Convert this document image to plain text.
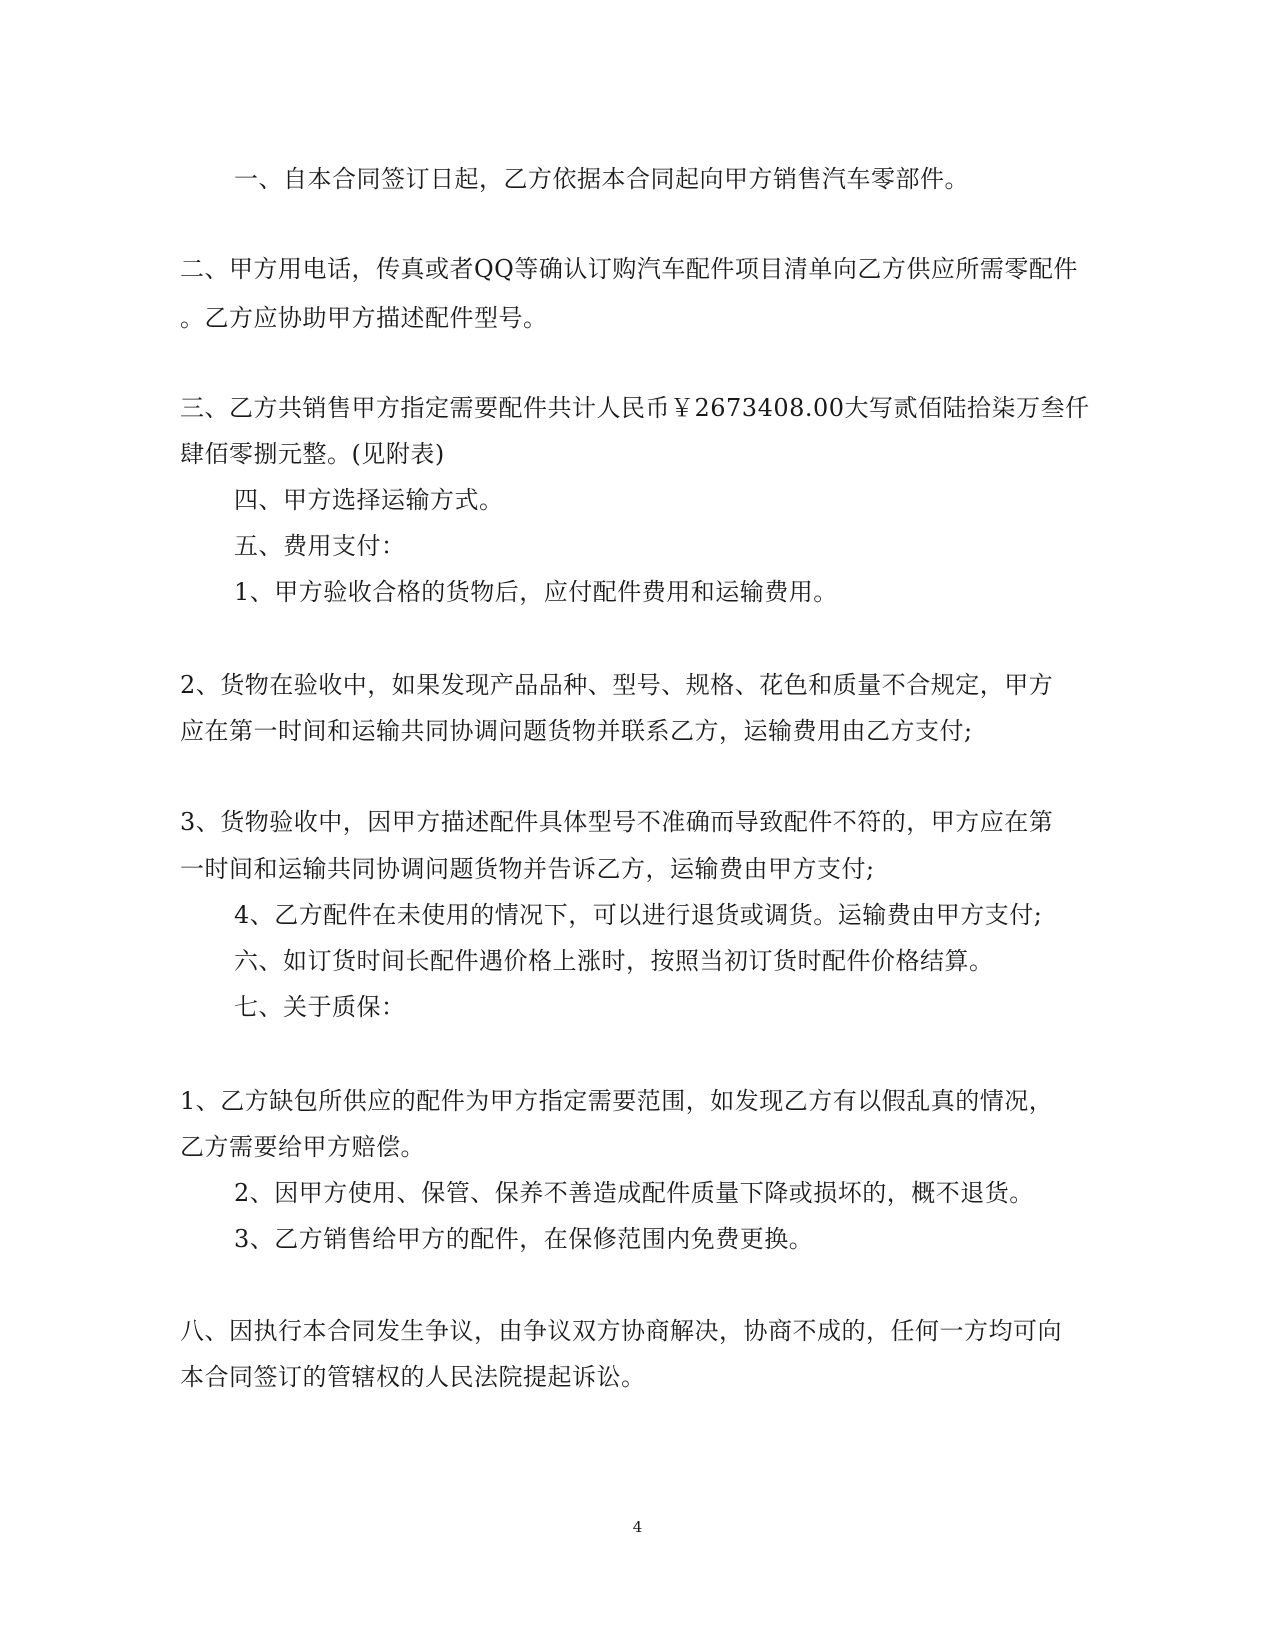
一、自本合同签订日起，乙方依据本合同起向甲方销售汽车零部件。
二、甲方用电话，传真或者QQ等确认订购汽车配件项目清单向乙方供应所需零配件
。乙方应协助甲方描述配件型号。
三、乙方共销售甲方指定需要配件共计人民币￥2673408.00大写贰佰陆拾柒万叁仟
肆佰零捌元整。(见附表)
四、甲方选择运输方式。
五、费用支付：
1、甲方验收合格的货物后，应付配件费用和运输费用。
2、货物在验收中，如果发现产品品种、型号、规格、花色和质量不合规定，甲方
应在第一时间和运输共同协调问题货物并联系乙方，运输费用由乙方支付;
3、货物验收中，因甲方描述配件具体型号不准确而导致配件不符的，甲方应在第
一时间和运输共同协调问题货物并告诉乙方，运输费由甲方支付;
4、乙方配件在未使用的情况下，可以进行退货或调货。运输费由甲方支付;
六、如订货时间长配件遇价格上涨时，按照当初订货时配件价格结算。
七、关于质保：
1、乙方缺包所供应的配件为甲方指定需要范围，如发现乙方有以假乱真的情况，
乙方需要给甲方赔偿。
2、因甲方使用、保管、保养不善造成配件质量下降或损坏的，概不退货。
3、乙方销售给甲方的配件，在保修范围内免费更换。
八、因执行本合同发生争议，由争议双方协商解决，协商不成的，任何一方均可向
本合同签订的管辖权的人民法院提起诉讼。
4
